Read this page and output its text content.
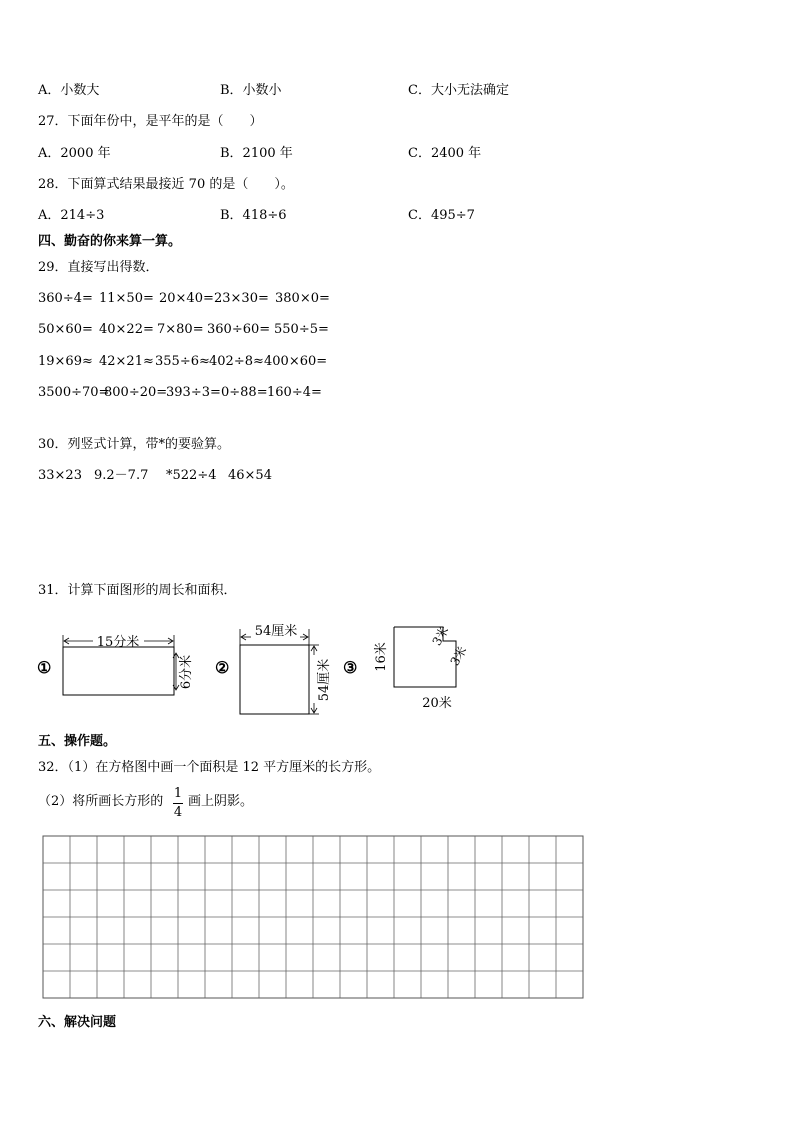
A．小数大	B．小数小	C．大小无法确定
27．下面年份中，是平年的是（　　）
A．2000 年	B．2100 年	C．2400 年
28．下面算式结果最接近 70 的是（　　）。
A．214÷3	B．418÷6	C．495÷7
四、勤奋的你来算一算。
29．直接写出得数．
360÷4= 11×50= 20×40=23×30= 380×0=
50×60= 40×22= 7×80= 360÷60= 550÷5=
19×69≈ 42×21≈355÷6≈402÷8≈400×60=
3500÷70=800÷20=393÷3=0÷88=160÷4=
30．列竖式计算，带*的要验算。
33×23 9.2－7.7 *522÷4 46×54
31．计算下面图形的周长和面积．
①
15分米
6分米 ②
54厘米
54厘米 ③ 16米
20米
3米
3米
五、操作题。
32．（1）在方格图中画一个面积是 12 平方厘米的长方形。
（2）将所画长方形的
1
4
画上阴影。
六、解决问题
